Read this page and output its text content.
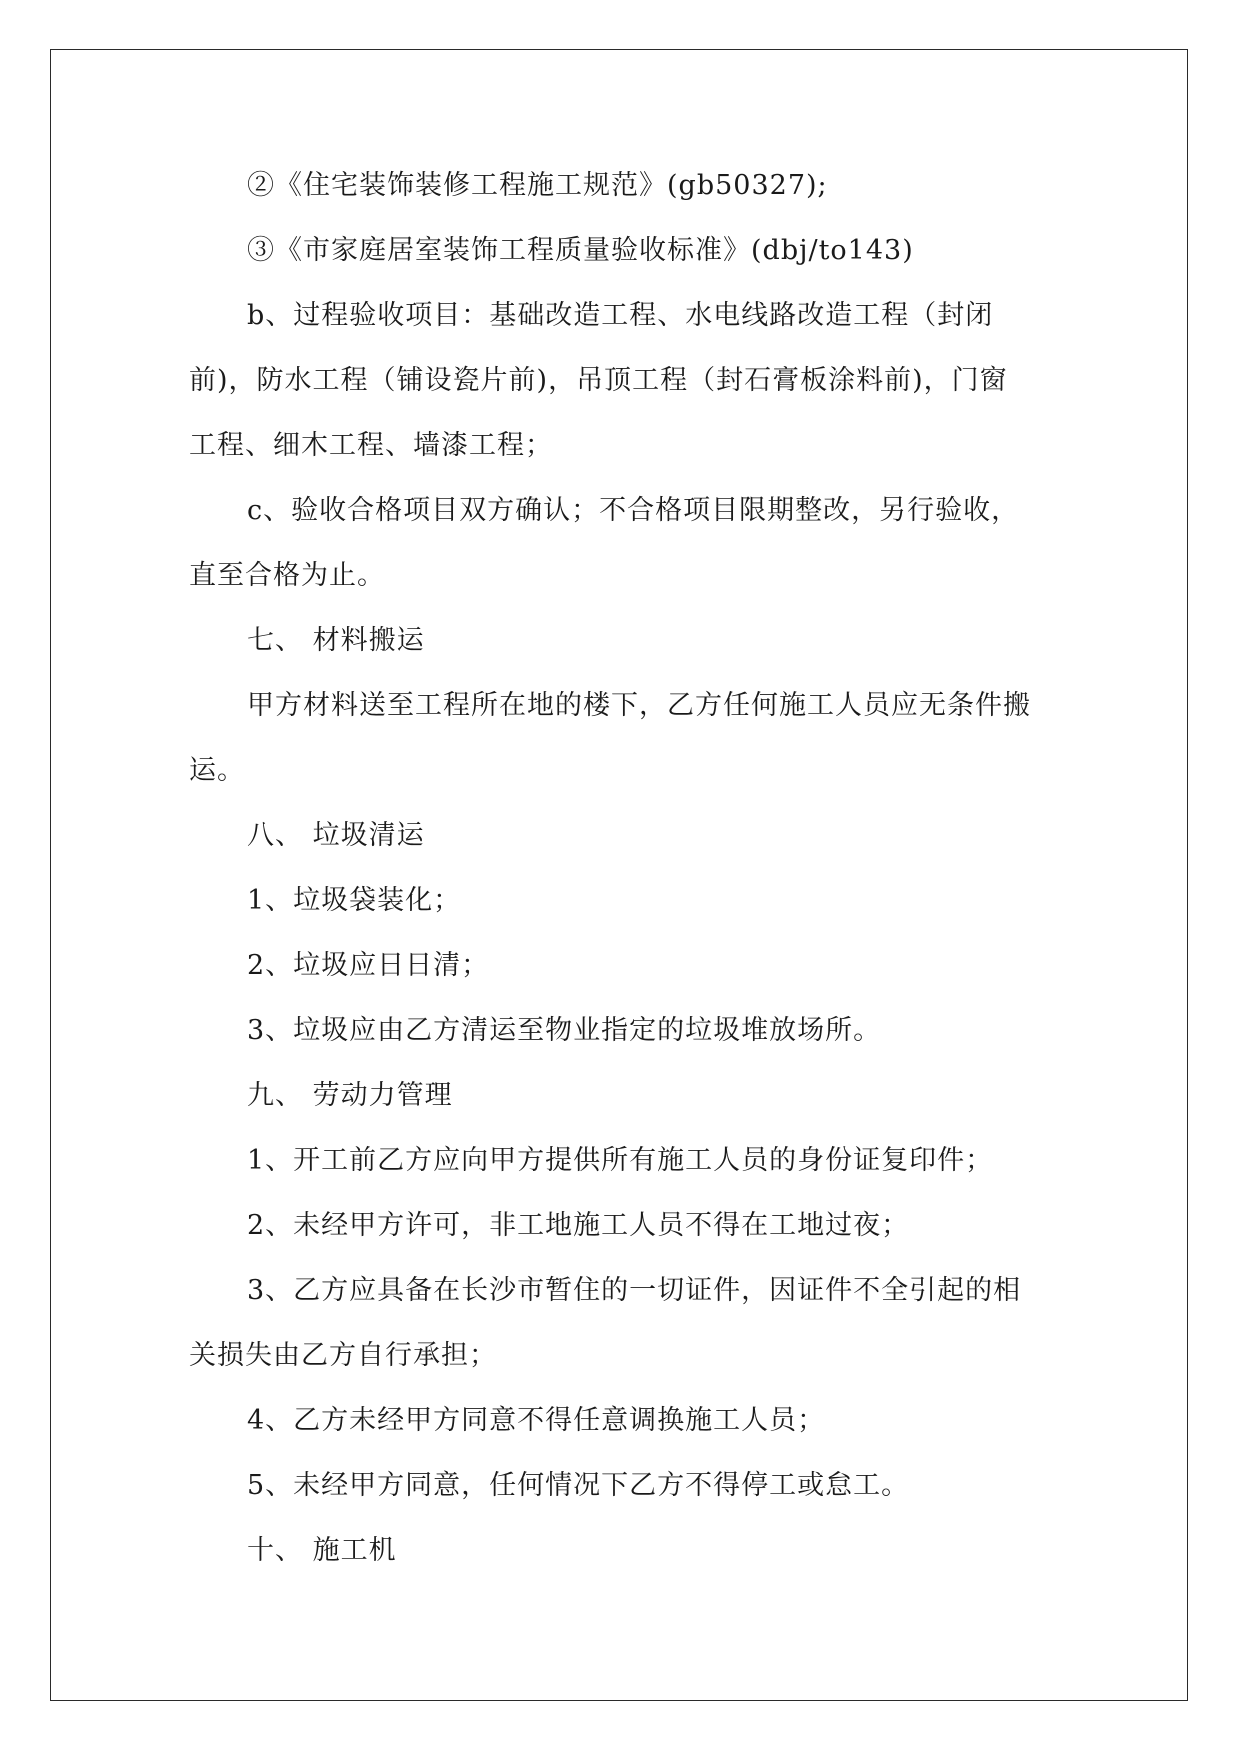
②《住宅装饰装修工程施工规范》(gb50327);
③《市家庭居室装饰工程质量验收标准》(dbj/to143)
b、过程验收项目：基础改造工程、水电线路改造工程（封闭
前)，防水工程（铺设瓷片前)，吊顶工程（封石膏板涂料前)，门窗
工程、细木工程、墙漆工程；
c、验收合格项目双方确认；不合格项目限期整改，另行验收，
直至合格为止。
七、 材料搬运
甲方材料送至工程所在地的楼下，乙方任何施工人员应无条件搬
运。
八、 垃圾清运
1、垃圾袋装化；
2、垃圾应日日清；
3、垃圾应由乙方清运至物业指定的垃圾堆放场所。
九、 劳动力管理
1、开工前乙方应向甲方提供所有施工人员的身份证复印件；
2、未经甲方许可，非工地施工人员不得在工地过夜；
3、乙方应具备在长沙市暂住的一切证件，因证件不全引起的相
关损失由乙方自行承担；
4、乙方未经甲方同意不得任意调换施工人员；
5、未经甲方同意，任何情况下乙方不得停工或怠工。
十、 施工机
